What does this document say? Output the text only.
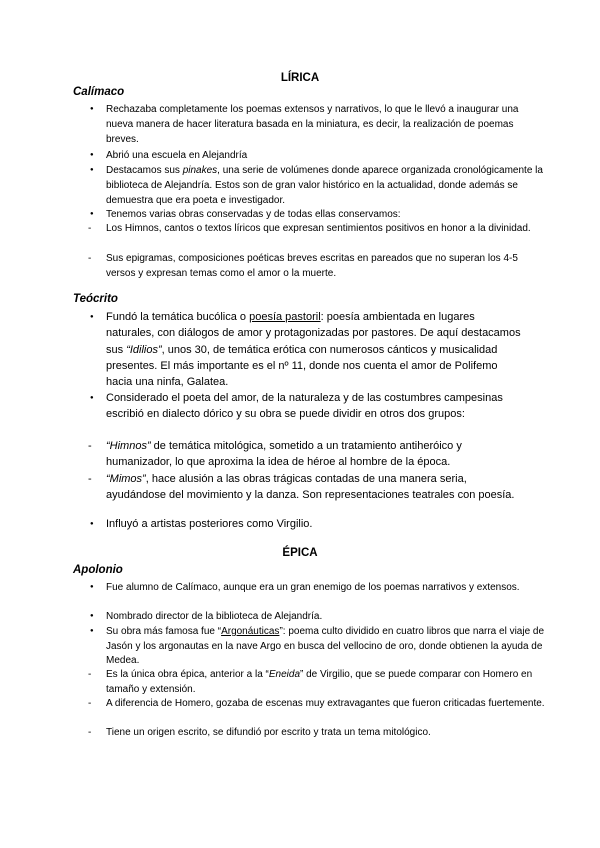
LÍRICA
Calímaco
●
Rechazaba completamente los poemas extensos y narrativos, lo que le llevó a inaugurar una nueva manera de hacer literatura basada en la miniatura, es decir, la realización de poemas breves.
●
Abrió una escuela en Alejandría
●
Destacamos sus pinakes, una serie de volúmenes donde aparece organizada cronológicamente la biblioteca de Alejandría. Estos son de gran valor histórico en la actualidad, donde además se demuestra que era poeta e investigador.
●
Tenemos varias obras conservadas y de todas ellas conservamos:
-	Los Himnos, cantos o textos líricos que expresan sentimientos positivos en honor a la divinidad.
-	Sus epigramas, composiciones poéticas breves escritas en pareados que no superan los 4-5 versos y expresan temas como el amor o la muerte.
Teócrito
●
Fundó la temática bucólica o poesía pastoril: poesía ambientada en lugares naturales, con diálogos de amor y protagonizadas por pastores. De aquí destacamos sus “Idilios”, unos 30, de temática erótica con numerosos cánticos y musicalidad presentes. El más importante es el nº 11, donde nos cuenta el amor de Polifemo hacia una ninfa, Galatea.
●
Considerado el poeta del amor, de la naturaleza y de las costumbres campesinas escribió en dialecto dórico y su obra se puede dividir en otros dos grupos:
-	“Himnos” de temática mitológica, sometido a un tratamiento antiheróico y humanizador, lo que aproxima la idea de héroe al hombre de la época.
-	“Mimos”, hace alusión a las obras trágicas contadas de una manera seria, ayudándose del movimiento y la danza. Son representaciones teatrales con poesía.
●
Influyó a artistas posteriores como Virgilio.
ÉPICA
Apolonio
●
Fue alumno de Calímaco, aunque era un gran enemigo de los poemas narrativos y extensos.
●
Nombrado director de la biblioteca de Alejandría.
●
Su obra más famosa fue “Argonáuticas”: poema culto dividido en cuatro libros que narra el viaje de Jasón y los argonautas en la nave Argo en busca del vellocino de oro, donde obtienen la ayuda de Medea.
-	Es la única obra épica, anterior a la “Eneida” de Virgilio, que se puede comparar con Homero en tamaño y extensión.
-	A diferencia de Homero, gozaba de escenas muy extravagantes que fueron criticadas fuertemente.
-	Tiene un origen escrito, se difundió por escrito y trata un tema mitológico.
